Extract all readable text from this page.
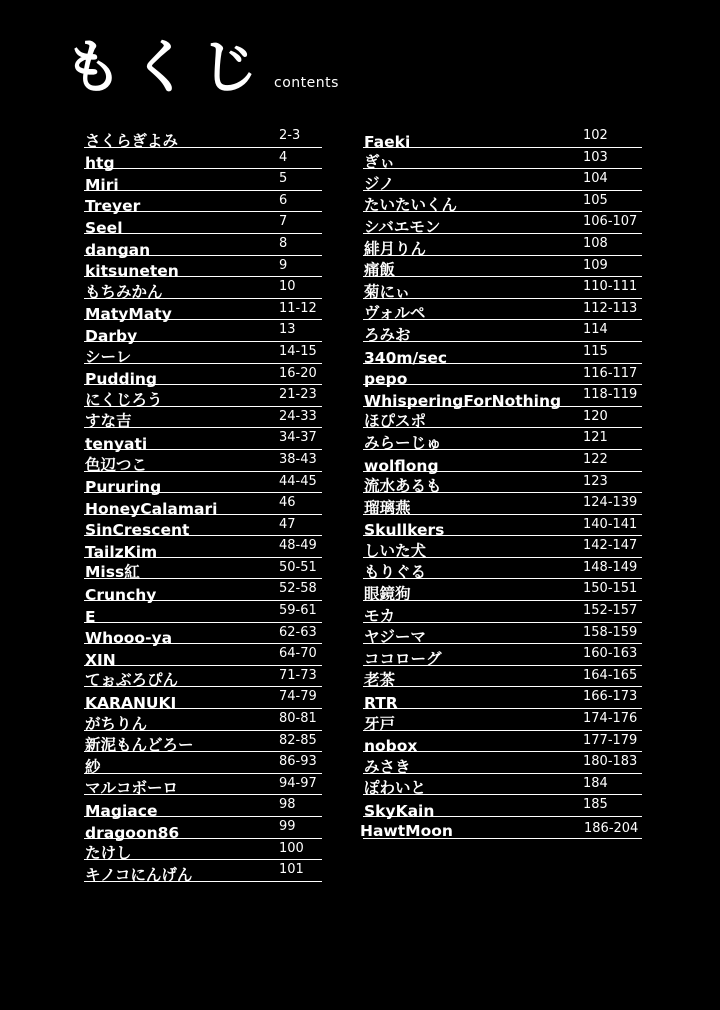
もくじ contents
さくらぎよみ	2-3
htg	4
Miri	5
Treyer	6
Seel	7
dangan	8
kitsuneten	9
もちみかん	10
MatyMaty	11-12
Darby	13
シーレ	14-15
Pudding	16-20
にくじろう	21-23
すな吉	24-33
tenyati	34-37
色辺つこ	38-43
Pururing	44-45
HoneyCalamari	46
SinCrescent	47
TailzKim	48-49
Miss紅	50-51
Crunchy	52-58
E	59-61
Whooo-ya	62-63
XIN	64-70
てぉぶろぴん	71-73
KARANUKI	74-79
がちりん	80-81
新泥もんどろー	82-85
紗	86-93
マルコボーロ	94-97
Magiace	98
dragoon86	99
たけし	100
キノコにんげん	101
Faeki	102
ぎぃ	103
ジノ	104
たいたいくん	105
シバエモン	106-107
緋月りん	108
痛飯	109
菊にぃ	110-111
ヴォルペ	112-113
ろみお	114
340m/sec	115
pepo	116-117
WhisperingForNothing 118-119
ほぴスポ	120
みらーじゅ	121
wolflong	122
流水あるも	123
瑠璃燕	124-139
Skullkers	140-141
しいた犬	142-147
もりぐる	148-149
眼鏡狗	150-151
モカ	152-157
ヤジーマ	158-159
ココローグ	160-163
老茶	164-165
RTR	166-173
牙戸	174-176
nobox	177-179
みさき	180-183
ぽわいと	184
SkyKain	185
HawtMoon	186-204
